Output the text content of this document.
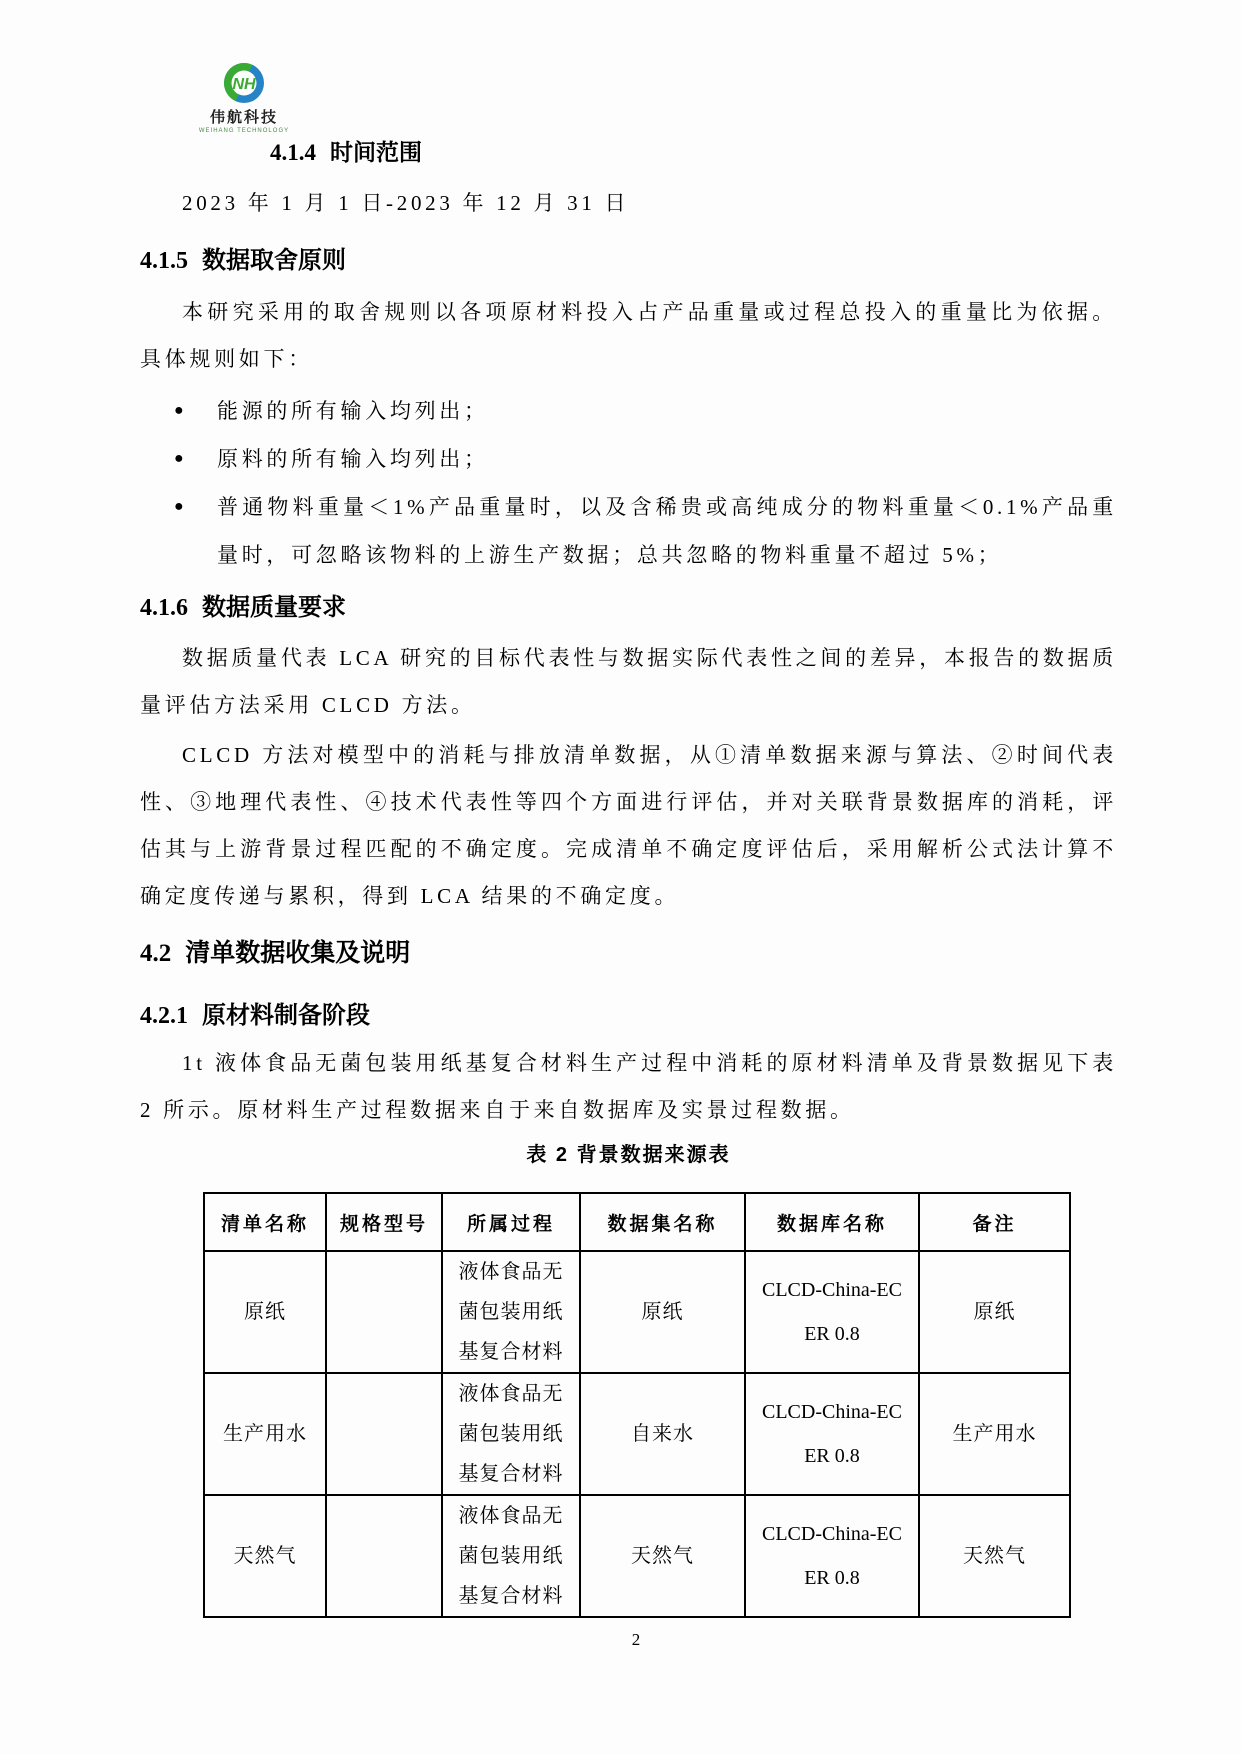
NH
伟航科技
WEIHANG TECHNOLOGY
4.1.4 时间范围

2023 年 1 月 1 日-2023 年 12 月 31 日

4.1.5 数据取舍原则

本研究采用的取舍规则以各项原材料投入占产品重量或过程总投入的重量比为依据。具体规则如下：

● 能源的所有输入均列出；
● 原料的所有输入均列出；
● 普通物料重量＜1%产品重量时，以及含稀贵或高纯成分的物料重量＜0.1%产品重量时，可忽略该物料的上游生产数据；总共忽略的物料重量不超过 5%；
4.1.6 数据质量要求

数据质量代表 LCA 研究的目标代表性与数据实际代表性之间的差异，本报告的数据质量评估方法采用 CLCD 方法。

CLCD 方法对模型中的消耗与排放清单数据，从①清单数据来源与算法、②时间代表性、③地理代表性、④技术代表性等四个方面进行评估，并对关联背景数据库的消耗，评估其与上游背景过程匹配的不确定度。完成清单不确定度评估后，采用解析公式法计算不确定度传递与累积，得到 LCA 结果的不确定度。

4.2 清单数据收集及说明
4.2.1 原材料制备阶段

1t 液体食品无菌包装用纸基复合材料生产过程中消耗的原材料清单及背景数据见下表 2 所示。原材料生产过程数据来自于来自数据库及实景过程数据。

表 2 背景数据来源表
清单名称	规格型号	所属过程	数据集名称	数据库名称	备注
原纸		液体食品无菌包装用纸基复合材料	原纸	CLCD-China-ECER 0.8	原纸
生产用水		液体食品无菌包装用纸基复合材料	自来水	CLCD-China-ECER 0.8	生产用水
天然气		液体食品无菌包装用纸基复合材料	天然气	CLCD-China-ECER 0.8	天然气
2
